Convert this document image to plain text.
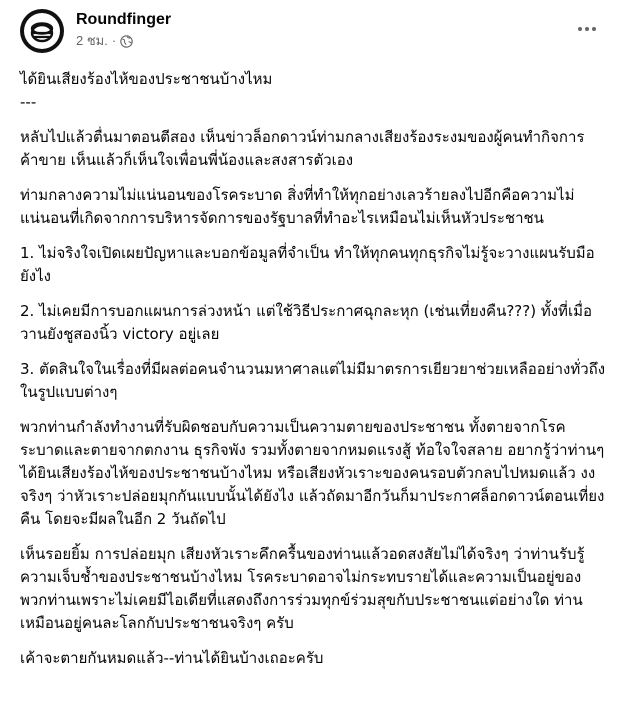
Roundfinger
2 ชม. ·

ได้ยินเสียงร้องไห้ของประชาชนบ้างไหม

---

หลับไปแล้วตื่นมาตอนตีสอง เห็นข่าวล็อกดาวน์ท่ามกลางเสียงร้องระงมของผู้คนทำกิจการค้าขาย เห็นแล้วก็เห็นใจเพื่อนพี่น้องและสงสารตัวเอง

ท่ามกลางความไม่แน่นอนของโรคระบาด สิ่งที่ทำให้ทุกอย่างเลวร้ายลงไปอีกคือความไม่แน่นอนที่เกิดจากการบริหารจัดการของรัฐบาลที่ทำอะไรเหมือนไม่เห็นหัวประชาชน

1. ไม่จริงใจเปิดเผยปัญหาและบอกข้อมูลที่จำเป็น ทำให้ทุกคนทุกธุรกิจไม่รู้จะวางแผนรับมือยังไง

2. ไม่เคยมีการบอกแผนการล่วงหน้า แต่ใช้วิธีประกาศฉุกละหุก (เช่นเที่ยงคืน???) ทั้งที่เมื่อวานยังชูสองนิ้ว victory อยู่เลย

3. ตัดสินใจในเรื่องที่มีผลต่อคนจำนวนมหาศาลแต่ไม่มีมาตรการเยียวยาช่วยเหลืออย่างทั่วถึงในรูปแบบต่างๆ

พวกท่านกำลังทำงานที่รับผิดชอบกับความเป็นความตายของประชาชน ทั้งตายจากโรคระบาดและตายจากตกงาน ธุรกิจพัง รวมทั้งตายจากหมดแรงสู้ ท้อใจใจสลาย อยากรู้ว่าท่านๆได้ยินเสียงร้องไห้ของประชาชนบ้างไหม หรือเสียงหัวเราะของคนรอบตัวกลบไปหมดแล้ว งงจริงๆ ว่าหัวเราะปล่อยมุกกันแบบนั้นได้ยังไง แล้วถัดมาอีกวันก็มาประกาศล็อกดาวน์ตอนเที่ยงคืน โดยจะมีผลในอีก 2 วันถัดไป

เห็นรอยยิ้ม การปล่อยมุก เสียงหัวเราะคึกครื้นของท่านแล้วอดสงสัยไม่ได้จริงๆ ว่าท่านรับรู้ความเจ็บช้ำของประชาชนบ้างไหม โรคระบาดอาจไม่กระทบรายได้และความเป็นอยู่ของพวกท่านเพราะไม่เคยมีไอเดียที่แสดงถึงการร่วมทุกข์ร่วมสุขกับประชาชนแต่อย่างใด ท่านเหมือนอยู่คนละโลกกับประชาชนจริงๆ ครับ

เค้าจะตายกันหมดแล้ว--ท่านได้ยินบ้างเถอะครับ
